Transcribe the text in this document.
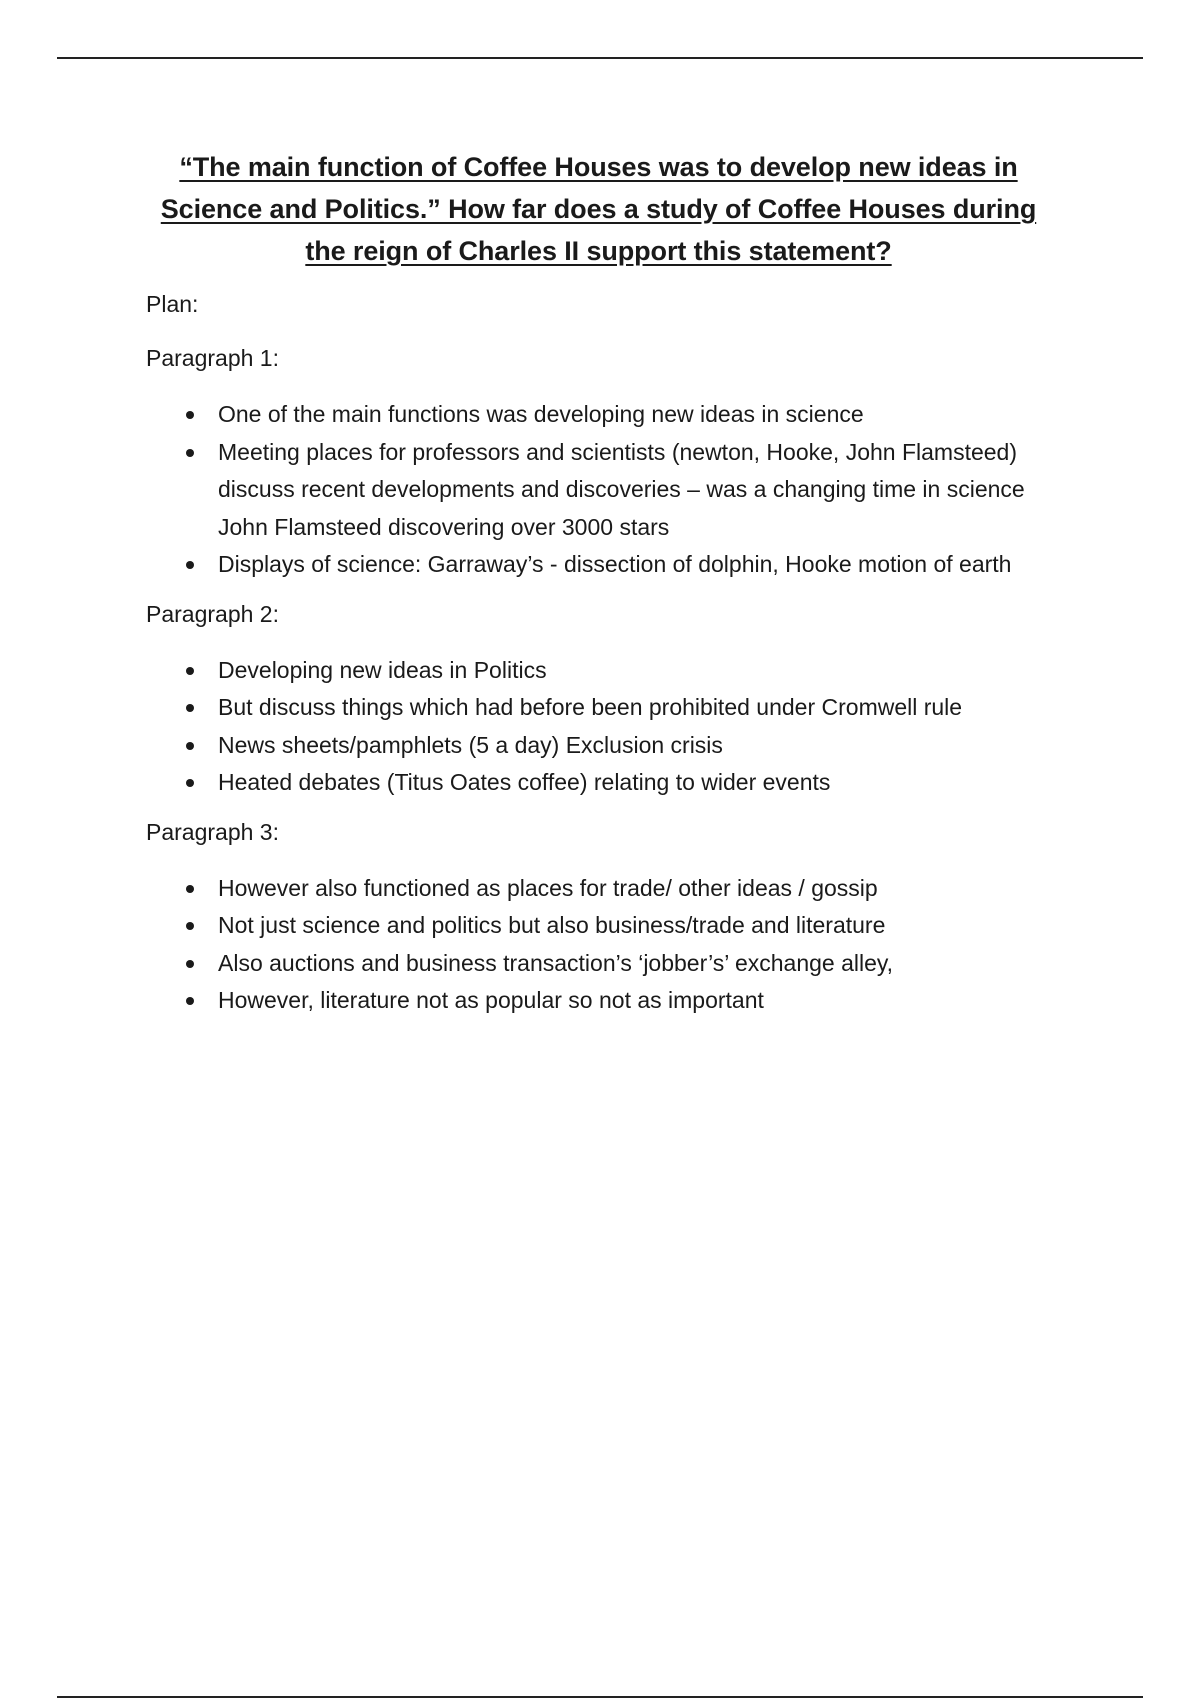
“The main function of Coffee Houses was to develop new ideas in Science and Politics.” How far does a study of Coffee Houses during the reign of Charles II support this statement?

Plan:

Paragraph 1:

One of the main functions was developing new ideas in science
Meeting places for professors and scientists (newton, Hooke, John Flamsteed) discuss recent developments and discoveries – was a changing time in science John Flamsteed discovering over 3000 stars
Displays of science: Garraway’s - dissection of dolphin, Hooke motion of earth

Paragraph 2:

Developing new ideas in Politics
But discuss things which had before been prohibited under Cromwell rule
News sheets/pamphlets (5 a day) Exclusion crisis
Heated debates (Titus Oates coffee) relating to wider events

Paragraph 3:

However also functioned as places for trade/ other ideas / gossip
Not just science and politics but also business/trade and literature
Also auctions and business transaction’s ‘jobber’s’ exchange alley,
However, literature not as popular so not as important
